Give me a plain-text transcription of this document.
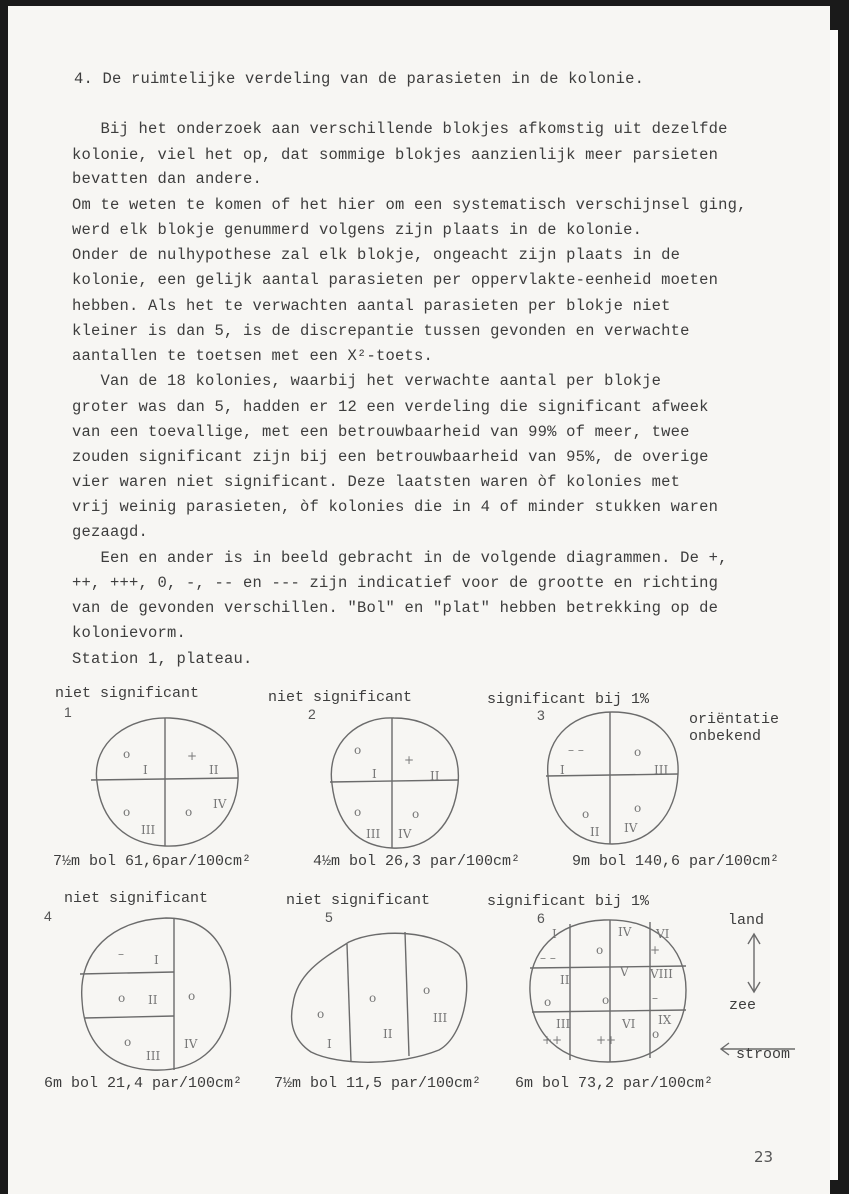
4. De ruimtelijke verdeling van de parasieten in de kolonie.
Bij het onderzoek aan verschillende blokjes afkomstig uit dezelfde
kolonie, viel het op, dat sommige blokjes aanzienlijk meer parsieten
bevatten dan andere.
Om te weten te komen of het hier om een systematisch verschijnsel ging,
werd elk blokje genummerd volgens zijn plaats in de kolonie.
Onder de nulhypothese zal elk blokje, ongeacht zijn plaats in de
kolonie, een gelijk aantal parasieten per oppervlakte-eenheid moeten
hebben. Als het te verwachten aantal parasieten per blokje niet
kleiner is dan 5, is de discrepantie tussen gevonden en verwachte
aantallen te toetsen met een X²-toets.
Van de 18 kolonies, waarbij het verwachte aantal per blokje
groter was dan 5, hadden er 12 een verdeling die significant afweek
van een toevallige, met een betrouwbaarheid van 99% of meer, twee
zouden significant zijn bij een betrouwbaarheid van 95%, de overige
vier waren niet significant. Deze laatsten waren òf kolonies met
vrij weinig parasieten, òf kolonies die in 4 of minder stukken waren
gezaagd.
Een en ander is in beeld gebracht in de volgende diagrammen. De +,
++, +++, 0, -, -- en --- zijn indicatief voor de grootte en richting
van de gevonden verschillen. "Bol" en "plat" hebben betrekking op de
kolonievorm.
Station 1, plateau.
niet significant
1
niet significant
2
significant bij 1%
3	oriëntatie
onbekend
o	+
I	II
o	o
IV
III
o
+
I	II
o	o
III IV
– –	o
I	III
o	o
II IV
7½m bol 61,6par/100cm²	4½m bol 26,3 par/100cm²	9m bol 140,6 par/100cm²
niet significant
4
niet significant
5
significant bij 1%
6
–	I
o II	o
o
III
IV
o
o
o
I
II
III
– –
I
o
IV VI
+
II
V VIII
o	o	–
III	VI IX
++	++	o
land
zee
stroom
6m bol 21,4 par/100cm² 7½m bol 11,5 par/100cm² 6m bol 73,2 par/100cm²
23
